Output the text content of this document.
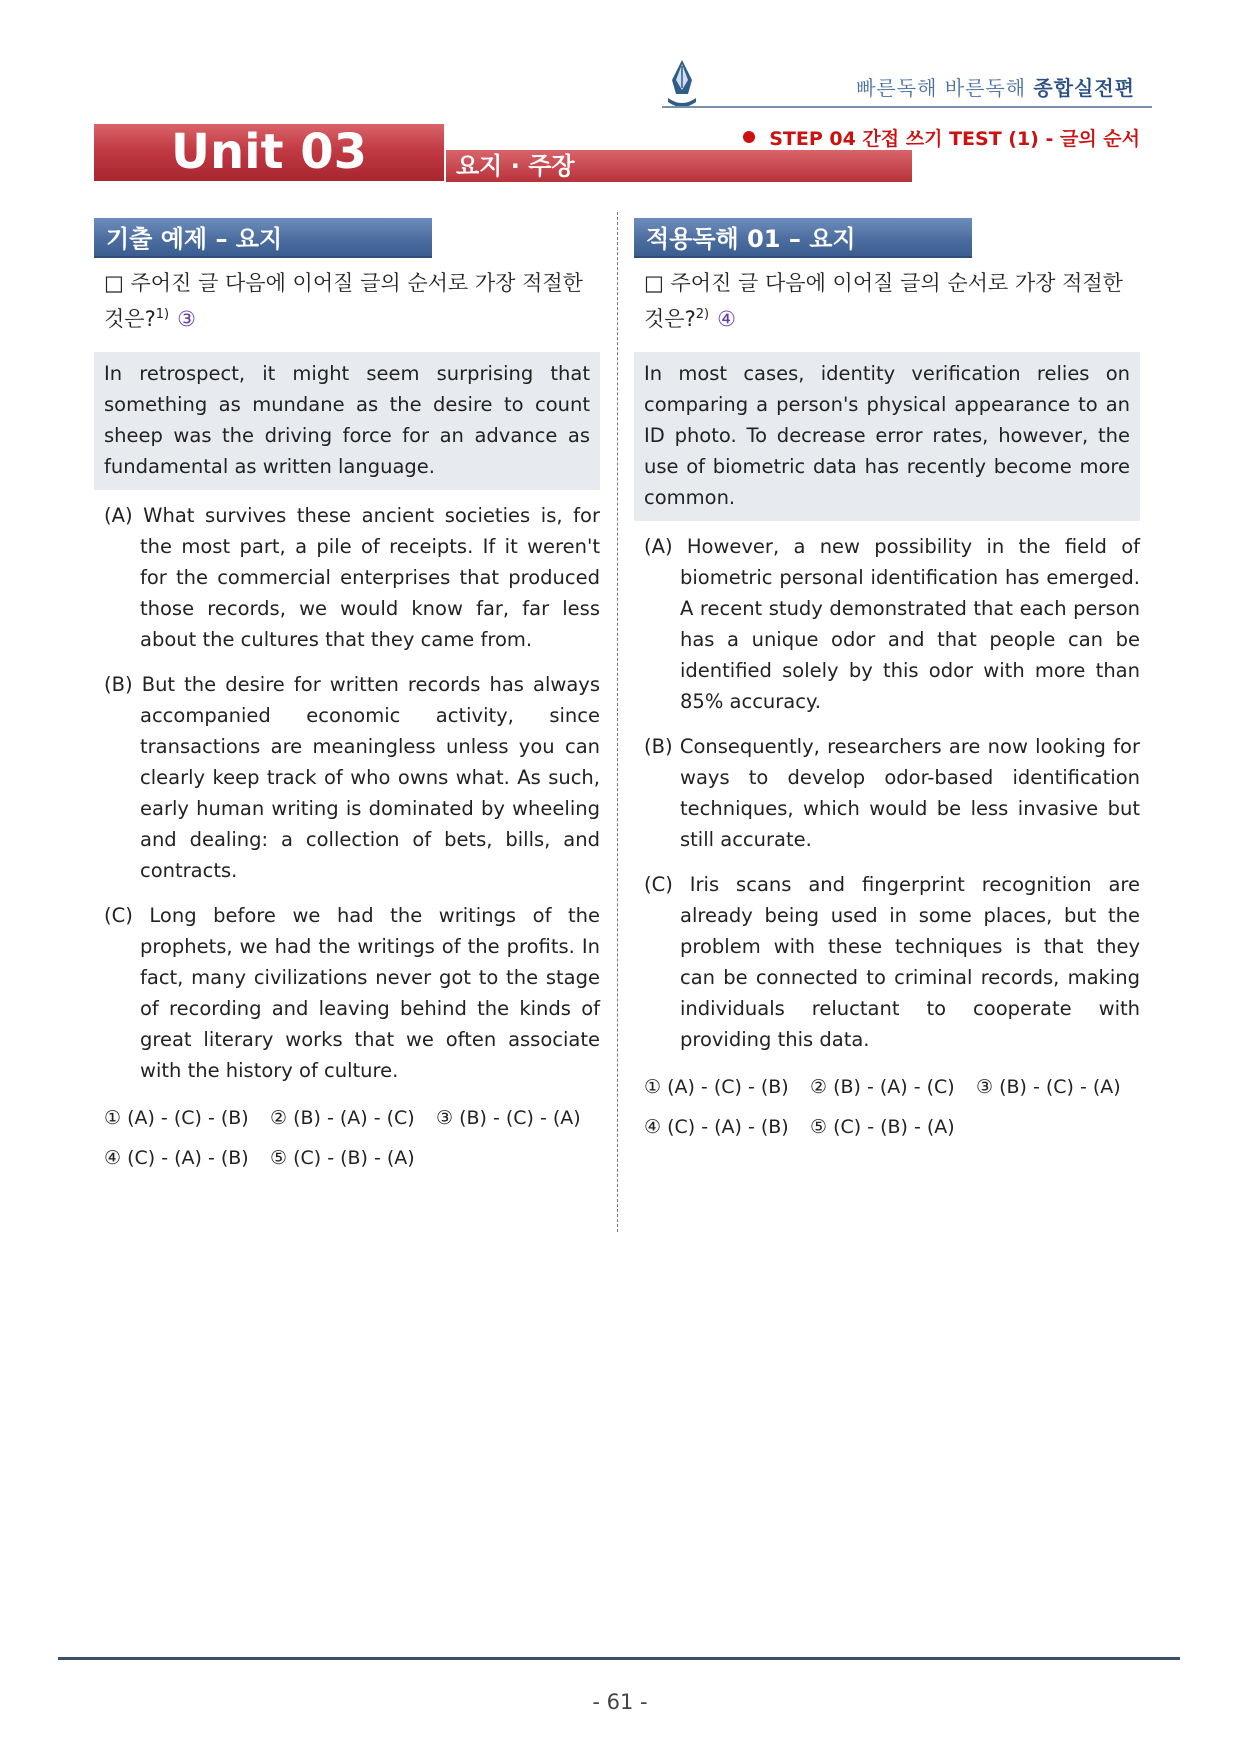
빠른독해 바른독해 종합실전편
STEP 04 간접 쓰기 TEST (1) - 글의 순서
Unit 03	요지 · 주장
기출 예제 – 요지
□ 주어진 글 다음에 이어질 글의 순서로 가장 적절한 것은?$^{1)}$ ③
In retrospect, it might seem surprising that something as mundane as the desire to count sheep was the driving force for an advance as fundamental as written language.
(A) What survives these ancient societies is, for the most part, a pile of receipts. If it weren't for the commercial enterprises that produced those records, we would know far, far less about the cultures that they came from.
(B) But the desire for written records has always accompanied economic activity, since transactions are meaningless unless you can clearly keep track of who owns what. As such, early human writing is dominated by wheeling and dealing: a collection of bets, bills, and contracts.
(C) Long before we had the writings of the prophets, we had the writings of the profits. In fact, many civilizations never got to the stage of recording and leaving behind the kinds of great literary works that we often associate with the history of culture.
① (A) - (C) - (B) ② (B) - (A) - (C) ③ (B) - (C) - (A)
④ (C) - (A) - (B) ⑤ (C) - (B) - (A)
적용독해 01 – 요지
□ 주어진 글 다음에 이어질 글의 순서로 가장 적절한 것은?$^{2)}$ ④
In most cases, identity verification relies on comparing a person's physical appearance to an ID photo. To decrease error rates, however, the use of biometric data has recently become more common.
(A) However, a new possibility in the field of biometric personal identification has emerged. A recent study demonstrated that each person has a unique odor and that people can be identified solely by this odor with more than 85% accuracy.
(B) Consequently, researchers are now looking for ways to develop odor-based identification techniques, which would be less invasive but still accurate.
(C) Iris scans and fingerprint recognition are already being used in some places, but the problem with these techniques is that they can be connected to criminal records, making individuals reluctant to cooperate with providing this data.
① (A) - (C) - (B) ② (B) - (A) - (C) ③ (B) - (C) - (A)
④ (C) - (A) - (B) ⑤ (C) - (B) - (A)
- 61 -
